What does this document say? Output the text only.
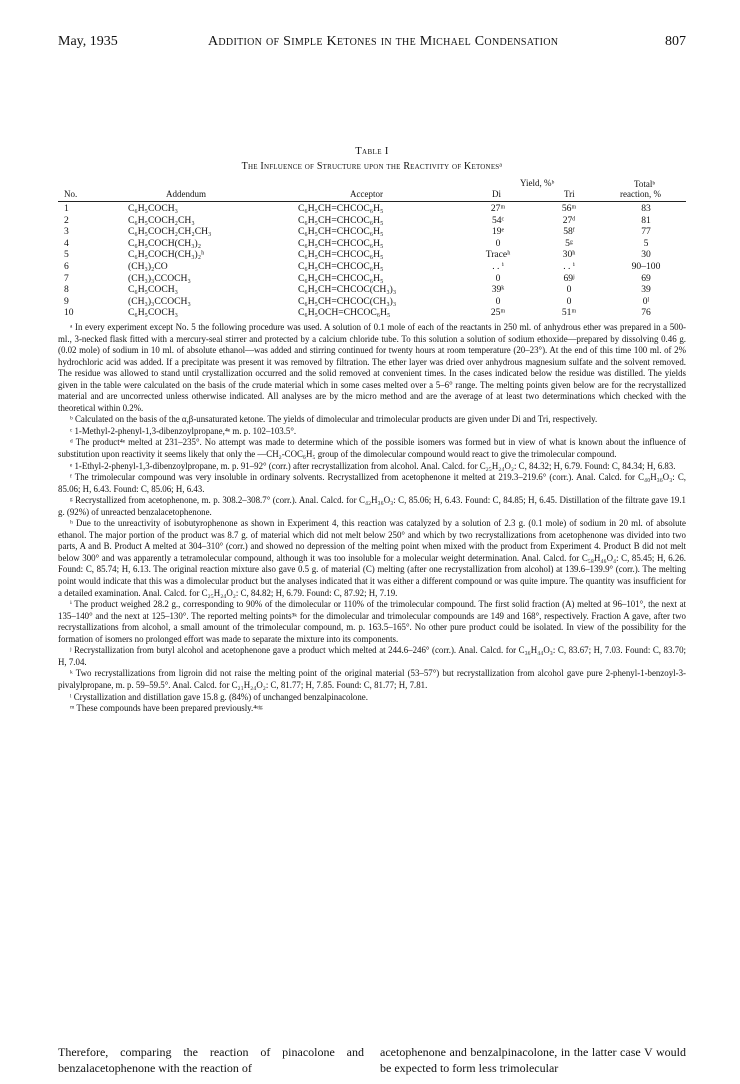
May, 1935	Addition of Simple Ketones in the Michael Condensation	807
Table I
The Influence of Structure upon the Reactivity of Ketonesᵃ
No.	Addendum	Acceptor
Yield, %ᵇ
Di	Tri
Totalᵇ
reaction, %
1	C₆H₅COCH₃	C₆H₅CH=CHCOC₆H₅	27ᵐ	56ᵐ	83
2	C₆H₅COCH₂CH₃	C₆H₅CH=CHCOC₆H₅	54ᶜ	27ᵈ	81
3	C₆H₅COCH₂CH₂CH₃	C₆H₅CH=CHCOC₆H₅	19ᵉ	58ᶠ	77
4	C₆H₅COCH(CH₃)₂	C₆H₅CH=CHCOC₆H₅	0	5ᵍ	5
5	C₆H₅COCH(CH₃)₂ʰ	C₆H₅CH=CHCOC₆H₅	Traceʰ	30ʰ	30
6	(CH₃)₂CO	C₆H₅CH=CHCOC₆H₅	. . ⁱ	. . ⁱ	90–100
7	(CH₃)₃CCOCH₃	C₆H₅CH=CHCOC₆H₅	0	69ʲ	69
8	C₆H₅COCH₃	C₆H₅CH=CHCOC(CH₃)₃	39ᵏ	0	39
9	(CH₃)₃CCOCH₃	C₆H₅CH=CHCOC(CH₃)₃	0	0	0ˡ
10	C₆H₅COCH₃	C₆H₅OCH=CHCOC₆H₅	25ᵐ	51ᵐ	76

ᵃ In every experiment except No. 5 the following procedure was used. A solution of 0.1 mole of each of the reactants in 250 ml. of anhydrous ether was prepared in a 500-ml., 3-necked flask fitted with a mercury-seal stirrer and protected by a calcium chloride tube. To this solution a solution of sodium ethoxide—prepared by dissolving 0.46 g. (0.02 mole) of sodium in 10 ml. of absolute ethanol—was added and stirring continued for twenty hours at room temperature (20–23°). At the end of this time 100 ml. of 2% hydrochloric acid was added. If a precipitate was present it was removed by filtration. The ether layer was dried over anhydrous magnesium sulfate and the solvent removed. The residue was allowed to stand until crystallization occurred and the solid removed at convenient times. In the cases indicated below the residue was distilled. The yields given in the table were calculated on the basis of the crude material which in some cases melted over a 5–6° range. The melting points given below are for the recrystallized material and are uncorrected unless otherwise indicated. All analyses are by the micro method and are the average of at least two determinations which checked with the theoretical within 0.2%.

ᵇ Calculated on the basis of the α,β-unsaturated ketone. The yields of dimolecular and trimolecular products are given under Di and Tri, respectively.

ᶜ 1-Methyl-2-phenyl-1,3-dibenzoylpropane,⁴ᵉ m. p. 102–103.5°.

ᵈ The product⁴ᵉ melted at 231–235°. No attempt was made to determine which of the possible isomers was formed but in view of what is known about the influence of substitution upon reactivity it seems likely that only the —CH₂-COC₆H₅ group of the dimolecular compound would react to give the trimolecular compound.

ᵉ 1-Ethyl-2-phenyl-1,3-dibenzoylpropane, m. p. 91–92° (corr.) after recrystallization from alcohol. Anal. Calcd. for C₂₅H₂₄O₂: C, 84.32; H, 6.79. Found: C, 84.34; H, 6.83.

ᶠ The trimolecular compound was very insoluble in ordinary solvents. Recrystallized from acetophenone it melted at 219.3–219.6° (corr.). Anal. Calcd. for C₄₀H₃₆O₃: C, 85.06; H, 6.43. Found: C, 85.06; H, 6.43.

ᵍ Recrystallized from acetophenone, m. p. 308.2–308.7° (corr.). Anal. Calcd. for C₄₂H₃₆O₃: C, 85.06; H, 6.43. Found: C, 84.85; H, 6.45. Distillation of the filtrate gave 19.1 g. (92%) of unreacted benzalacetophenone.

ʰ Due to the unreactivity of isobutyrophenone as shown in Experiment 4, this reaction was catalyzed by a solution of 2.3 g. (0.1 mole) of sodium in 20 ml. of absolute ethanol. The major portion of the product was 8.7 g. of material which did not melt below 250° and which by two recrystallizations from acetophenone was divided into two parts, A and B. Product A melted at 304–310° (corr.) and showed no depression of the melting point when mixed with the product from Experiment 4. Product B did not melt below 300° and was apparently a tetramolecular compound, although it was too insoluble for a molecular weight determination. Anal. Calcd. for C₅₈H₄₆O₄: C, 85.45; H, 6.26. Found: C, 85.74; H, 6.13. The original reaction mixture also gave 0.5 g. of material (C) melting (after one recrystallization from alcohol) at 139.6–139.9° (corr.). The melting point would indicate that this was a dimolecular product but the analyses indicated that it was either a different compound or was quite impure. The quantity was insufficient for a detailed examination. Anal. Calcd. for C₂₅H₂₄O₂: C, 84.82; H, 6.79. Found: C, 87.92; H, 7.19.

ⁱ The product weighed 28.2 g., corresponding to 90% of the dimolecular or 110% of the trimolecular compound. The first solid fraction (A) melted at 96–101°, the next at 135–140° and the next at 125–130°. The reported melting points³ᵏ for the dimolecular and trimolecular compounds are 149 and 168°, respectively. Fraction A gave, after two recrystallizations from alcohol, a small amount of the trimolecular compound, m. p. 163.5–165°. No other pure product could be isolated. In view of the possibility for the formation of isomers no prolonged effort was made to separate the mixture into its components.

ʲ Recrystallization from butyl alcohol and acetophenone gave a product which melted at 244.6–246° (corr.). Anal. Calcd. for C₃₆H₄₄O₃: C, 83.67; H, 7.03. Found: C, 83.70; H, 7.04.

ᵏ Two recrystallizations from ligroin did not raise the melting point of the original material (53–57°) but recrystallization from alcohol gave pure 2-phenyl-1-benzoyl-3-pivalylpropane, m. p. 59–59.5°. Anal. Calcd. for C₂₁H₂₄O₂: C, 81.77; H, 7.85. Found: C, 81.77; H, 7.81.

ˡ Crystallization and distillation gave 15.8 g. (84%) of unchanged benzalpinacolone.

ᵐ These compounds have been prepared previously.⁴ᵉʲᵍ

Therefore, comparing the reaction of pinacolone and benzalacetophenone with the reaction of
acetophenone and benzalpinacolone, in the latter case V would be expected to form less trimolecular
